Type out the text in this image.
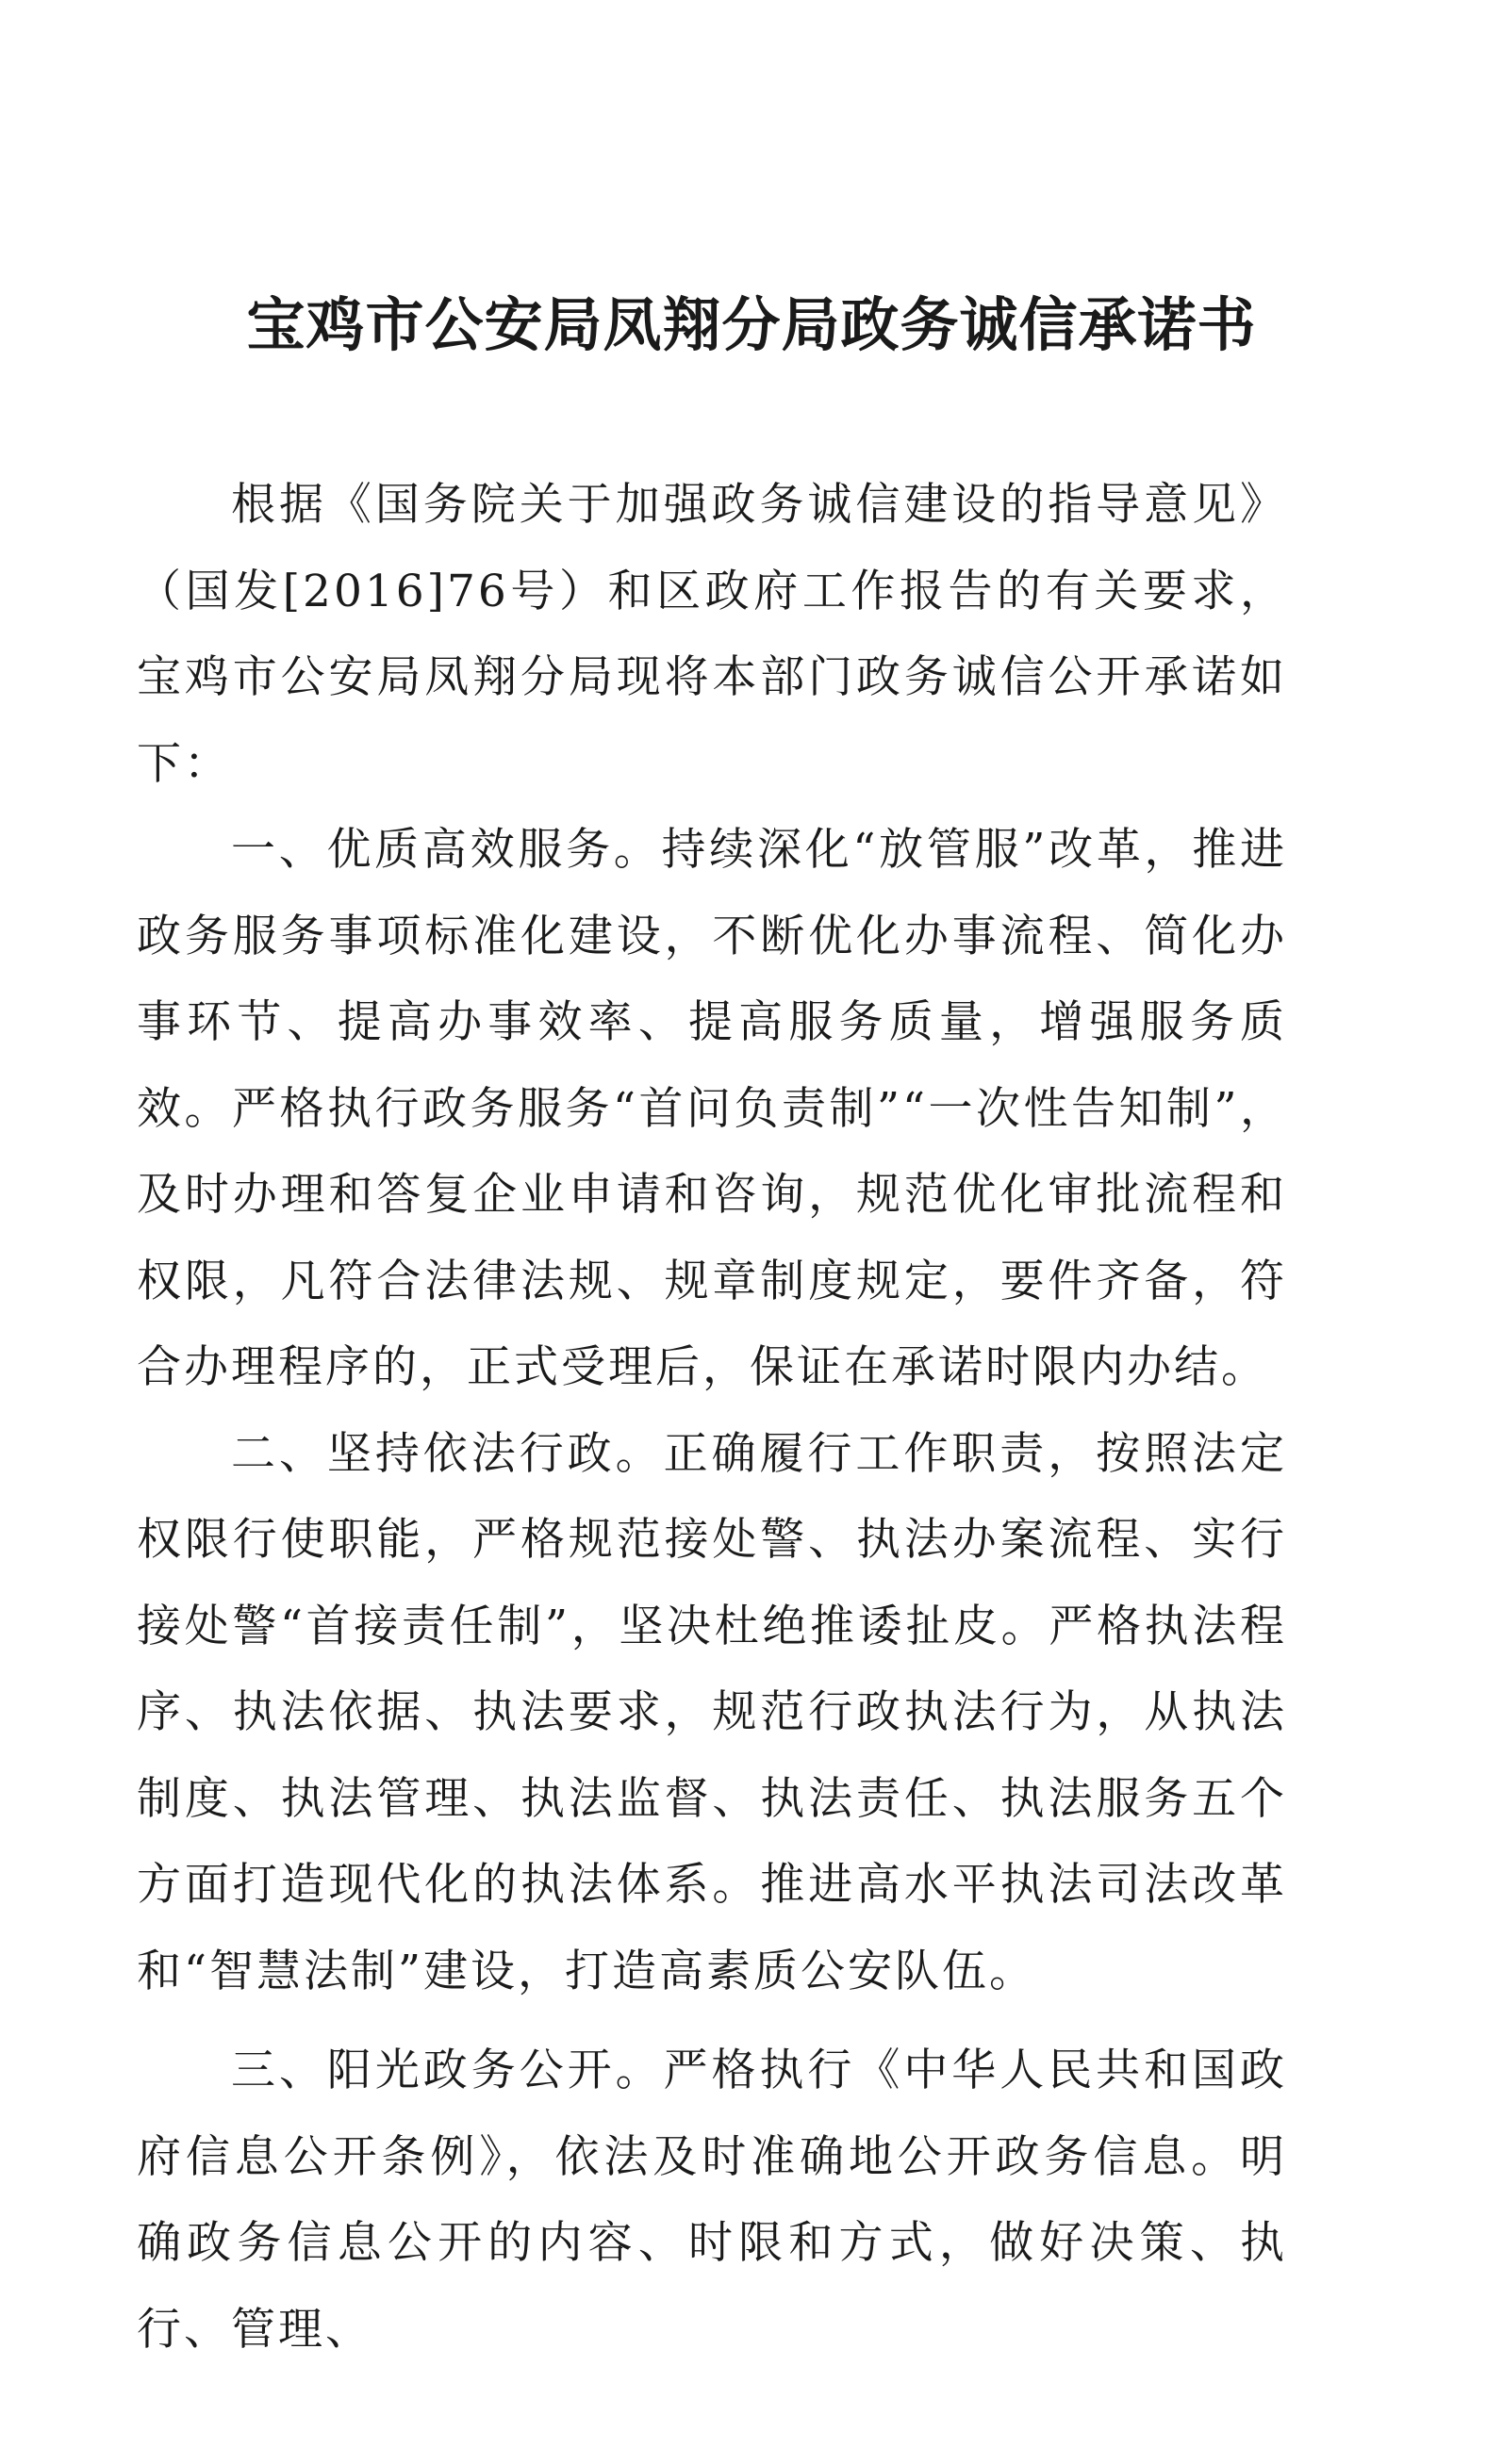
宝鸡市公安局凤翔分局政务诚信承诺书

根据《国务院关于加强政务诚信建设的指导意见》（国发[2016]76号）和区政府工作报告的有关要求，宝鸡市公安局凤翔分局现将本部门政务诚信公开承诺如下：

一、优质高效服务。持续深化“放管服”改革，推进政务服务事项标准化建设，不断优化办事流程、简化办事环节、提高办事效率、提高服务质量，增强服务质效。严格执行政务服务“首问负责制”“一次性告知制”，及时办理和答复企业申请和咨询，规范优化审批流程和权限，凡符合法律法规、规章制度规定，要件齐备，符合办理程序的，正式受理后，保证在承诺时限内办结。

二、坚持依法行政。正确履行工作职责，按照法定权限行使职能，严格规范接处警、执法办案流程、实行接处警“首接责任制”，坚决杜绝推诿扯皮。严格执法程序、执法依据、执法要求，规范行政执法行为，从执法制度、执法管理、执法监督、执法责任、执法服务五个方面打造现代化的执法体系。推进高水平执法司法改革和“智慧法制”建设，打造高素质公安队伍。

三、阳光政务公开。严格执行《中华人民共和国政府信息公开条例》，依法及时准确地公开政务信息。明确政务信息公开的内容、时限和方式，做好决策、执行、管理、
